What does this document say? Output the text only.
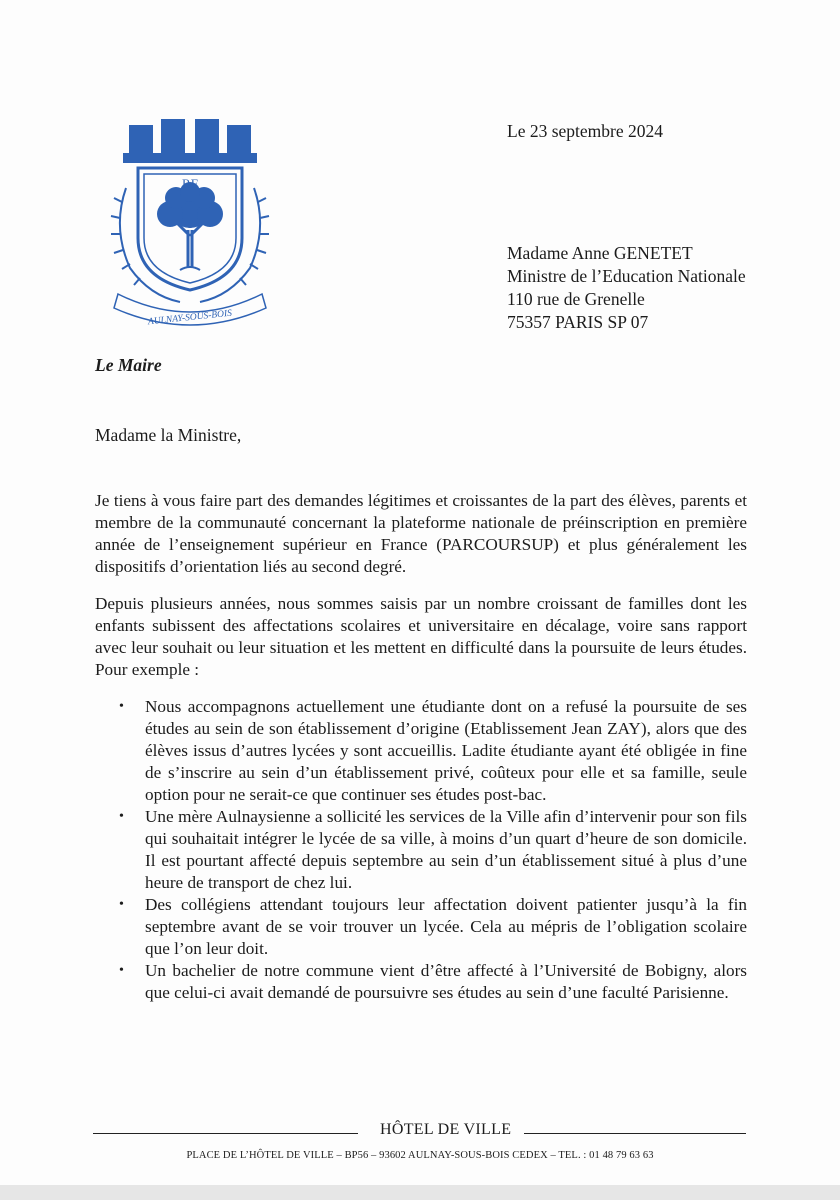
RF
AULNAY-SOUS-BOIS
Le 23 septembre 2024
Madame Anne GENETET
Ministre de l’Education Nationale
110 rue de Grenelle
75357 PARIS SP 07
Le Maire
Madame la Ministre,

Je tiens à vous faire part des demandes légitimes et croissantes de la part des élèves, parents et membre de la communauté concernant la plateforme nationale de préinscription en première année de l’enseignement supérieur en France (PARCOURSUP) et plus généralement les dispositifs d’orientation liés au second degré.

Depuis plusieurs années, nous sommes saisis par un nombre croissant de familles dont les enfants subissent des affectations scolaires et universitaire en décalage, voire sans rapport avec leur souhait ou leur situation et les mettent en difficulté dans la poursuite de leurs études. Pour exemple :

• Nous accompagnons actuellement une étudiante dont on a refusé la poursuite de ses études au sein de son établissement d’origine (Etablissement Jean ZAY), alors que des élèves issus d’autres lycées y sont accueillis. Ladite étudiante ayant été obligée in fine de s’inscrire au sein d’un établissement privé, coûteux pour elle et sa famille, seule option pour ne serait-ce que continuer ses études post-bac.
• Une mère Aulnaysienne a sollicité les services de la Ville afin d’intervenir pour son fils qui souhaitait intégrer le lycée de sa ville, à moins d’un quart d’heure de son domicile. Il est pourtant affecté depuis septembre au sein d’un établissement situé à plus d’une heure de transport de chez lui.
• Des collégiens attendant toujours leur affectation doivent patienter jusqu’à la fin septembre avant de se voir trouver un lycée. Cela au mépris de l’obligation scolaire que l’on leur doit.
• Un bachelier de notre commune vient d’être affecté à l’Université de Bobigny, alors que celui-ci avait demandé de poursuivre ses études au sein d’une faculté Parisienne.
HÔTEL DE VILLE
PLACE DE L’HÔTEL DE VILLE – BP56 – 93602 AULNAY-SOUS-BOIS CEDEX – TEL. : 01 48 79 63 63
